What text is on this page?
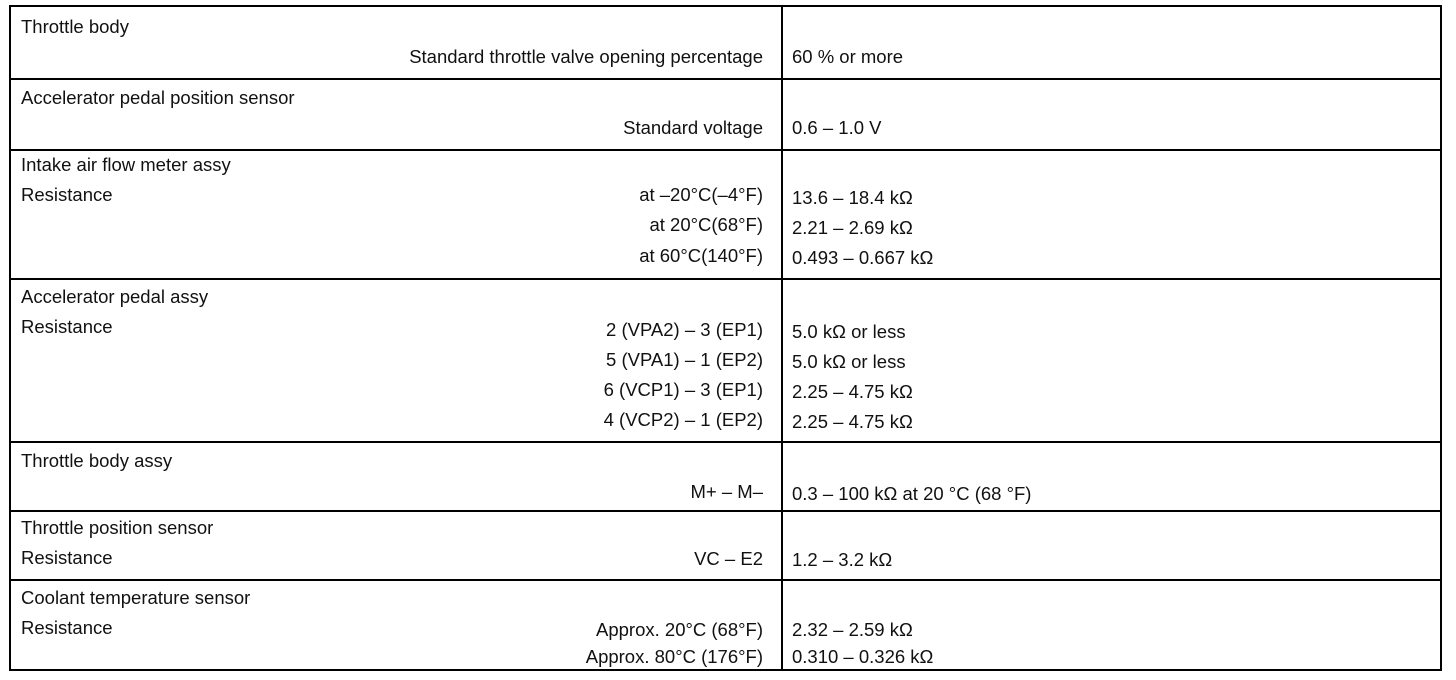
Throttle body
Standard throttle valve opening percentage 60 % or more
Accelerator pedal position sensor
Standard voltage 0.6 – 1.0 V
Intake air flow meter assy
Resistance	at –20°C(–4°F) 13.6 – 18.4 kΩ
at 20°C(68°F) 2.21 – 2.69 kΩ
at 60°C(140°F) 0.493 – 0.667 kΩ
Accelerator pedal assy
Resistance	2 (VPA2) – 3 (EP1) 5.0 kΩ or less
5 (VPA1) – 1 (EP2) 5.0 kΩ or less
6 (VCP1) – 3 (EP1) 2.25 – 4.75 kΩ
4 (VCP2) – 1 (EP2) 2.25 – 4.75 kΩ
Throttle body assy
M+ – M– 0.3 – 100 kΩ at 20 °C (68 °F)
Throttle position sensor
Resistance	VC – E2 1.2 – 3.2 kΩ
Coolant temperature sensor
Resistance	Approx. 20°C (68°F) 2.32 – 2.59 kΩ
Approx. 80°C (176°F) 0.310 – 0.326 kΩ
